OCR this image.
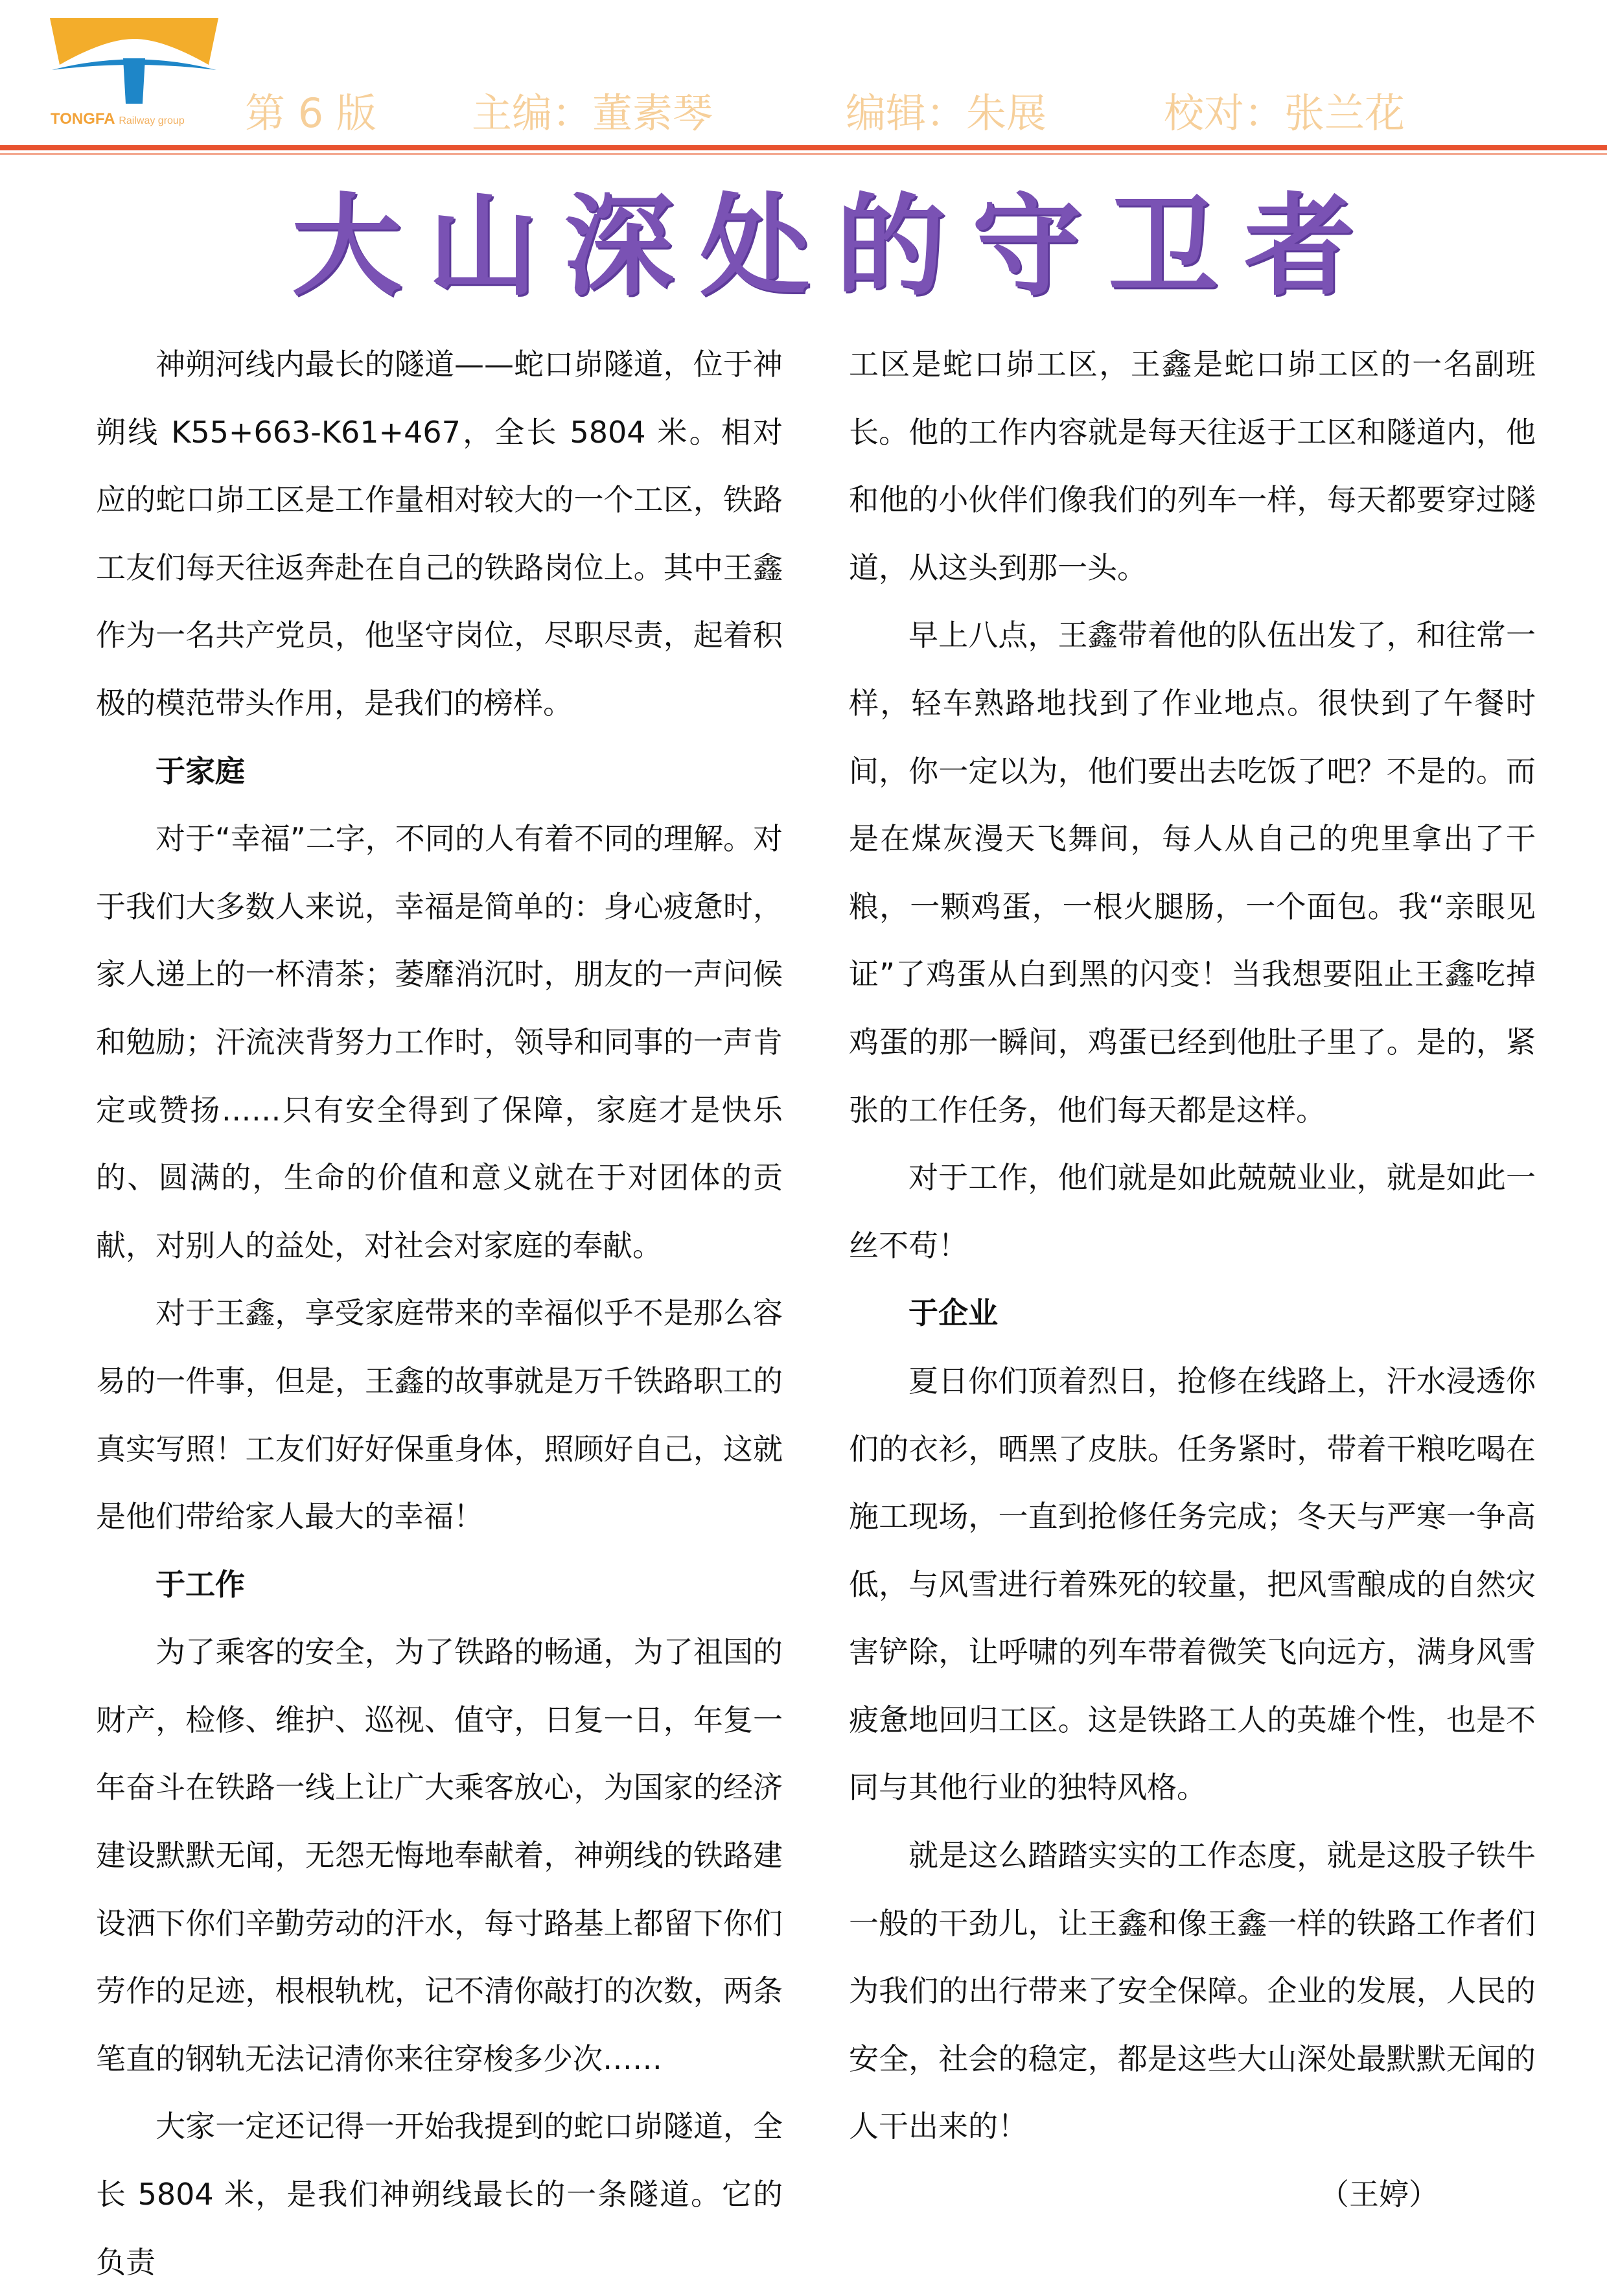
TONGFA Railway group	第 6 版 主编：董素琴	编辑：朱展	校对：张兰花
大山深处的守卫者

神朔河线内最长的隧道——蛇口峁隧道，位于神朔线 K55+663-K61+467，全长 5804 米。相对应的蛇口峁工区是工作量相对较大的一个工区，铁路工友们每天往返奔赴在自己的铁路岗位上。其中王鑫作为一名共产党员，他坚守岗位，尽职尽责，起着积极的模范带头作用，是我们的榜样。

于家庭

对于“幸福”二字，不同的人有着不同的理解。对于我们大多数人来说，幸福是简单的：身心疲惫时，家人递上的一杯清茶；萎靡消沉时，朋友的一声问候和勉励；汗流浃背努力工作时，领导和同事的一声肯定或赞扬……只有安全得到了保障，家庭才是快乐的、圆满的，生命的价值和意义就在于对团体的贡献，对别人的益处，对社会对家庭的奉献。

对于王鑫，享受家庭带来的幸福似乎不是那么容易的一件事，但是，王鑫的故事就是万千铁路职工的真实写照！工友们好好保重身体，照顾好自己，这就是他们带给家人最大的幸福！

于工作

为了乘客的安全，为了铁路的畅通，为了祖国的财产，检修、维护、巡视、值守，日复一日，年复一年奋斗在铁路一线上让广大乘客放心，为国家的经济建设默默无闻，无怨无悔地奉献着，神朔线的铁路建设洒下你们辛勤劳动的汗水，每寸路基上都留下你们劳作的足迹，根根轨枕，记不清你敲打的次数，两条笔直的钢轨无法记清你来往穿梭多少次……

大家一定还记得一开始我提到的蛇口峁隧道，全长 5804 米，是我们神朔线最长的一条隧道。它的负责

工区是蛇口峁工区，王鑫是蛇口峁工区的一名副班长。他的工作内容就是每天往返于工区和隧道内，他和他的小伙伴们像我们的列车一样，每天都要穿过隧道，从这头到那一头。

早上八点，王鑫带着他的队伍出发了，和往常一样，轻车熟路地找到了作业地点。很快到了午餐时间，你一定以为，他们要出去吃饭了吧？不是的。而是在煤灰漫天飞舞间，每人从自己的兜里拿出了干粮，一颗鸡蛋，一根火腿肠，一个面包。我“亲眼见证”了鸡蛋从白到黑的闪变！当我想要阻止王鑫吃掉鸡蛋的那一瞬间，鸡蛋已经到他肚子里了。是的，紧张的工作任务，他们每天都是这样。

对于工作，他们就是如此兢兢业业，就是如此一丝不苟！

于企业

夏日你们顶着烈日，抢修在线路上，汗水浸透你们的衣衫，晒黑了皮肤。任务紧时，带着干粮吃喝在施工现场，一直到抢修任务完成；冬天与严寒一争高低，与风雪进行着殊死的较量，把风雪酿成的自然灾害铲除，让呼啸的列车带着微笑飞向远方，满身风雪疲惫地回归工区。这是铁路工人的英雄个性，也是不同与其他行业的独特风格。

就是这么踏踏实实的工作态度，就是这股子铁牛一般的干劲儿，让王鑫和像王鑫一样的铁路工作者们为我们的出行带来了安全保障。企业的发展，人民的安全，社会的稳定，都是这些大山深处最默默无闻的人干出来的！

（王婷）
